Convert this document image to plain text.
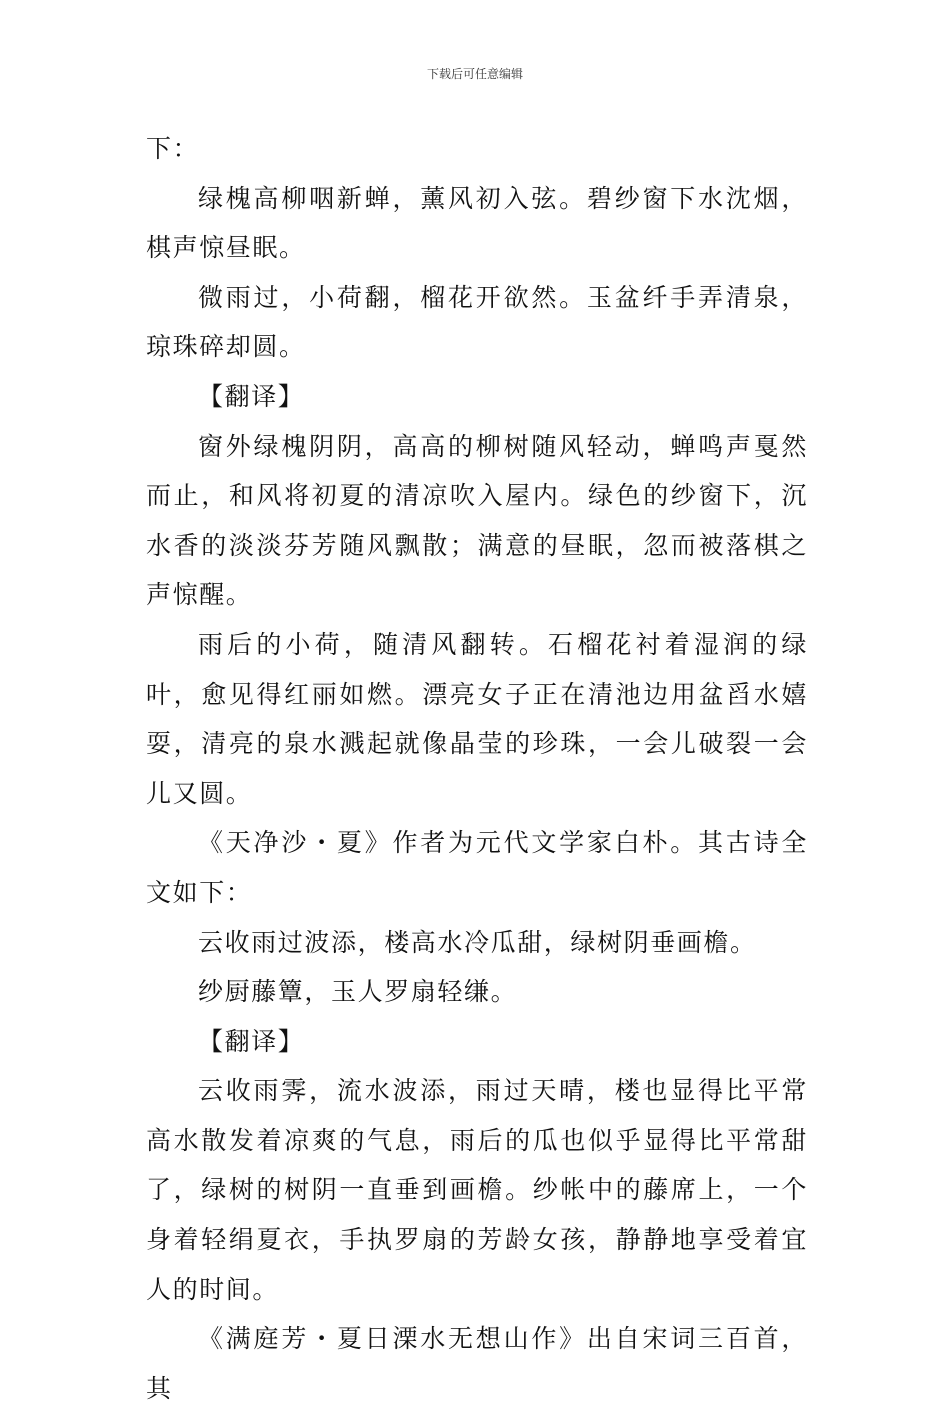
下载后可任意编辑

下：

绿槐高柳咽新蝉，薰风初入弦。碧纱窗下水沈烟，棋声惊昼眠。

微雨过，小荷翻，榴花开欲然。玉盆纤手弄清泉，琼珠碎却圆。

【翻译】

窗外绿槐阴阴，高高的柳树随风轻动，蝉鸣声戛然而止，和风将初夏的清凉吹入屋内。绿色的纱窗下，沉水香的淡淡芬芳随风飘散；满意的昼眠，忽而被落棋之声惊醒。

雨后的小荷，随清风翻转。石榴花衬着湿润的绿叶，愈见得红丽如燃。漂亮女子正在清池边用盆舀水嬉耍，清亮的泉水溅起就像晶莹的珍珠，一会儿破裂一会儿又圆。

《天净沙・夏》作者为元代文学家白朴。其古诗全文如下：

云收雨过波添，楼高水冷瓜甜，绿树阴垂画檐。

纱厨藤簟，玉人罗扇轻缣。

【翻译】

云收雨霁，流水波添，雨过天晴，楼也显得比平常高水散发着凉爽的气息，雨后的瓜也似乎显得比平常甜了，绿树的树阴一直垂到画檐。纱帐中的藤席上，一个身着轻绢夏衣，手执罗扇的芳龄女孩，静静地享受着宜人的时间。

《满庭芳・夏日溧水无想山作》出自宋词三百首，其
